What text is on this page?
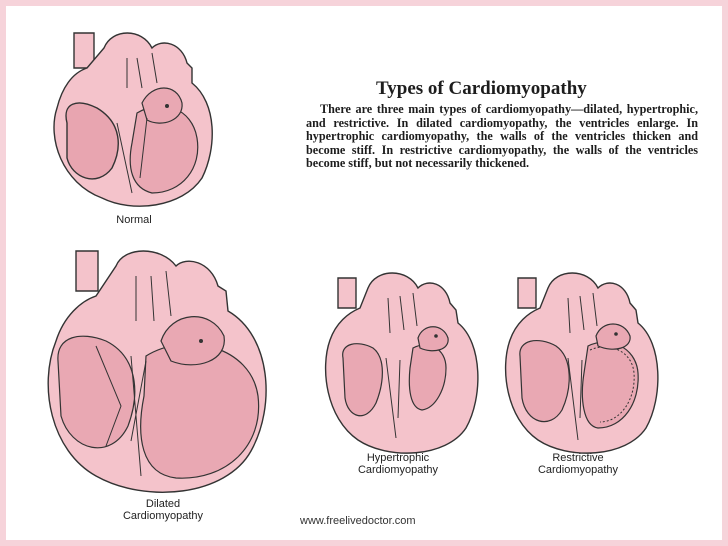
Types of Cardiomyopathy
There are three main types of cardiomyopathy—dilated, hypertrophic, and restrictive. In dilated cardiomyopathy, the ventricles enlarge. In hypertrophic cardiomyopathy, the walls of the ventricles thicken and become stiff. In restrictive cardiomyopathy, the walls of the ventricles become stiff, but not necessarily thickened.
Normal
Dilated
Cardiomyopathy
Hypertrophic
Cardiomyopathy
Restrictive
Cardiomyopathy
www.freelivedoctor.com
